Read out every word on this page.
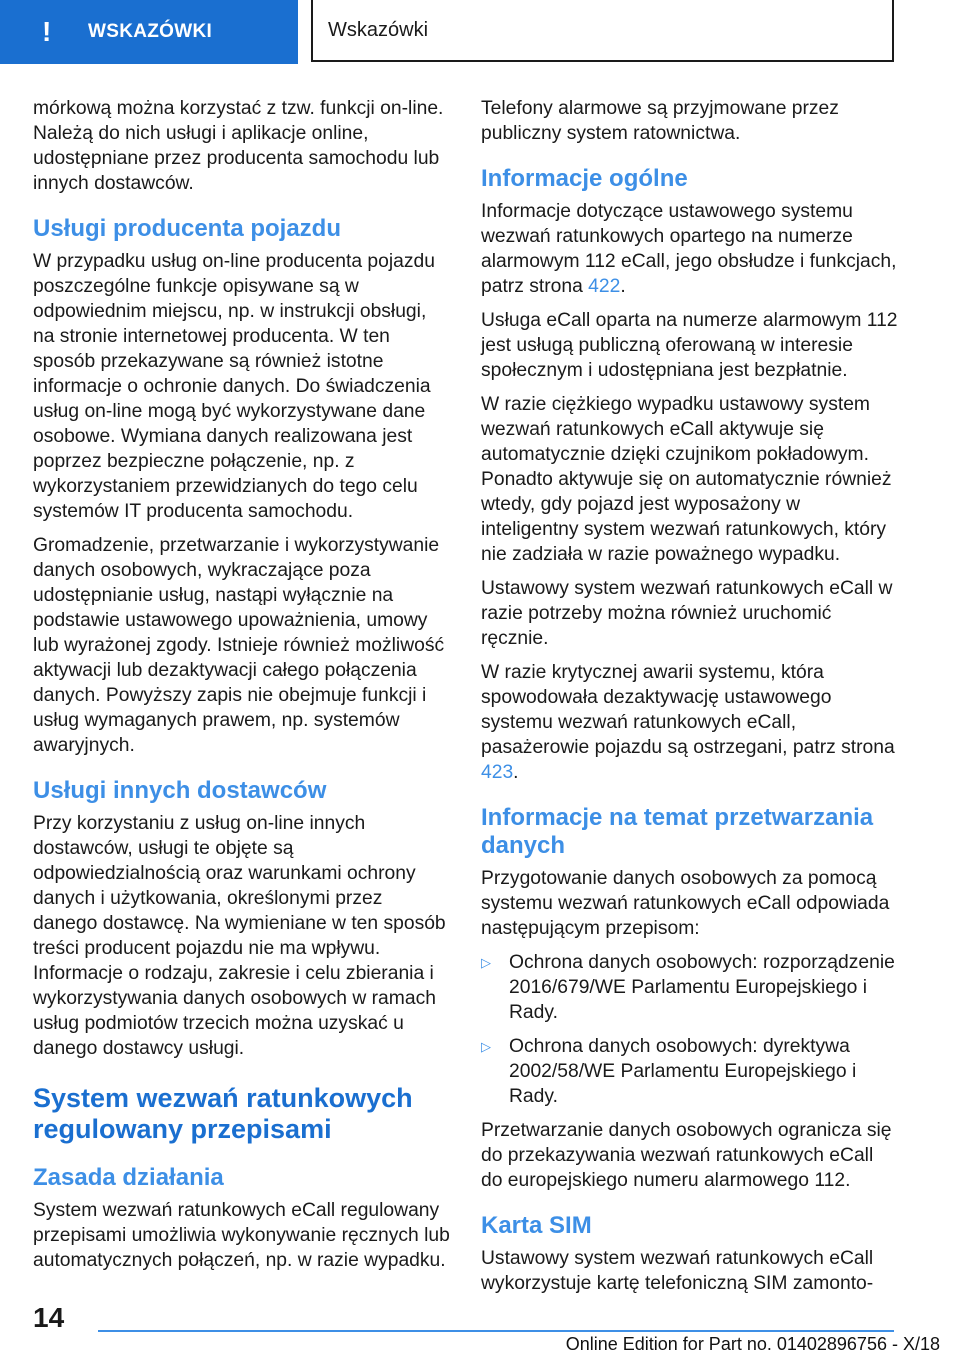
!	WSKAZÓWKI	Wskazówki

mórkową można korzystać z tzw. funkcji on-line. Należą do nich usługi i aplikacje online, udostępniane przez producenta samochodu lub innych dostawców.

Usługi producenta pojazdu

W przypadku usług on-line producenta pojazdu poszczególne funkcje opisywane są w odpowiednim miejscu, np. w instrukcji obsługi, na stronie internetowej producenta. W ten sposób przekazywane są również istotne informacje o ochronie danych. Do świadczenia usług on-line mogą być wykorzystywane dane osobowe. Wymiana danych realizowana jest poprzez bezpieczne połączenie, np. z wykorzystaniem przewidzianych do tego celu systemów IT producenta samochodu.

Gromadzenie, przetwarzanie i wykorzystywanie danych osobowych, wykraczające poza udostępnianie usług, nastąpi wyłącznie na podstawie ustawowego upoważnienia, umowy lub wyrażonej zgody. Istnieje również możliwość aktywacji lub dezaktywacji całego połączenia danych. Powyższy zapis nie obejmuje funkcji i usług wymaganych prawem, np. systemów awaryjnych.

Usługi innych dostawców

Przy korzystaniu z usług on-line innych dostawców, usługi te objęte są odpowiedzialnością oraz warunkami ochrony danych i użytkowania, określonymi przez danego dostawcę. Na wymieniane w ten sposób treści producent pojazdu nie ma wpływu. Informacje o rodzaju, zakresie i celu zbierania i wykorzystywania danych osobowych w ramach usług podmiotów trzecich można uzyskać u danego dostawcy usługi.

System wezwań ratunkowych regulowany przepisami
Zasada działania

System wezwań ratunkowych eCall regulowany przepisami umożliwia wykonywanie ręcznych lub automatycznych połączeń, np. w razie wypadku.

Telefony alarmowe są przyjmowane przez publiczny system ratownictwa.

Informacje ogólne

Informacje dotyczące ustawowego systemu wezwań ratunkowych opartego na numerze alarmowym 112 eCall, jego obsłudze i funkcjach, patrz strona 422.

Usługa eCall oparta na numerze alarmowym 112 jest usługą publiczną oferowaną w interesie społecznym i udostępniana jest bezpłatnie.

W razie ciężkiego wypadku ustawowy system wezwań ratunkowych eCall aktywuje się automatycznie dzięki czujnikom pokładowym. Ponadto aktywuje się on automatycznie również wtedy, gdy pojazd jest wyposażony w inteligentny system wezwań ratunkowych, który nie zadziała w razie poważnego wypadku.

Ustawowy system wezwań ratunkowych eCall w razie potrzeby można również uruchomić ręcznie.

W razie krytycznej awarii systemu, która spowodowała dezaktywację ustawowego systemu wezwań ratunkowych eCall, pasażerowie pojazdu są ostrzegani, patrz strona 423.

Informacje na temat przetwarzania danych

Przygotowanie danych osobowych za pomocą systemu wezwań ratunkowych eCall odpowiada następującym przepisom:

▷ Ochrona danych osobowych: rozporządzenie 2016/679/WE Parlamentu Europejskiego i Rady.
▷ Ochrona danych osobowych: dyrektywa 2002/58/WE Parlamentu Europejskiego i Rady.

Przetwarzanie danych osobowych ogranicza się do przekazywania wezwań ratunkowych eCall do europejskiego numeru alarmowego 112.

Karta SIM

Ustawowy system wezwań ratunkowych eCall wykorzystuje kartę telefoniczną SIM zamonto-

14
Online Edition for Part no. 01402896756 - X/18
